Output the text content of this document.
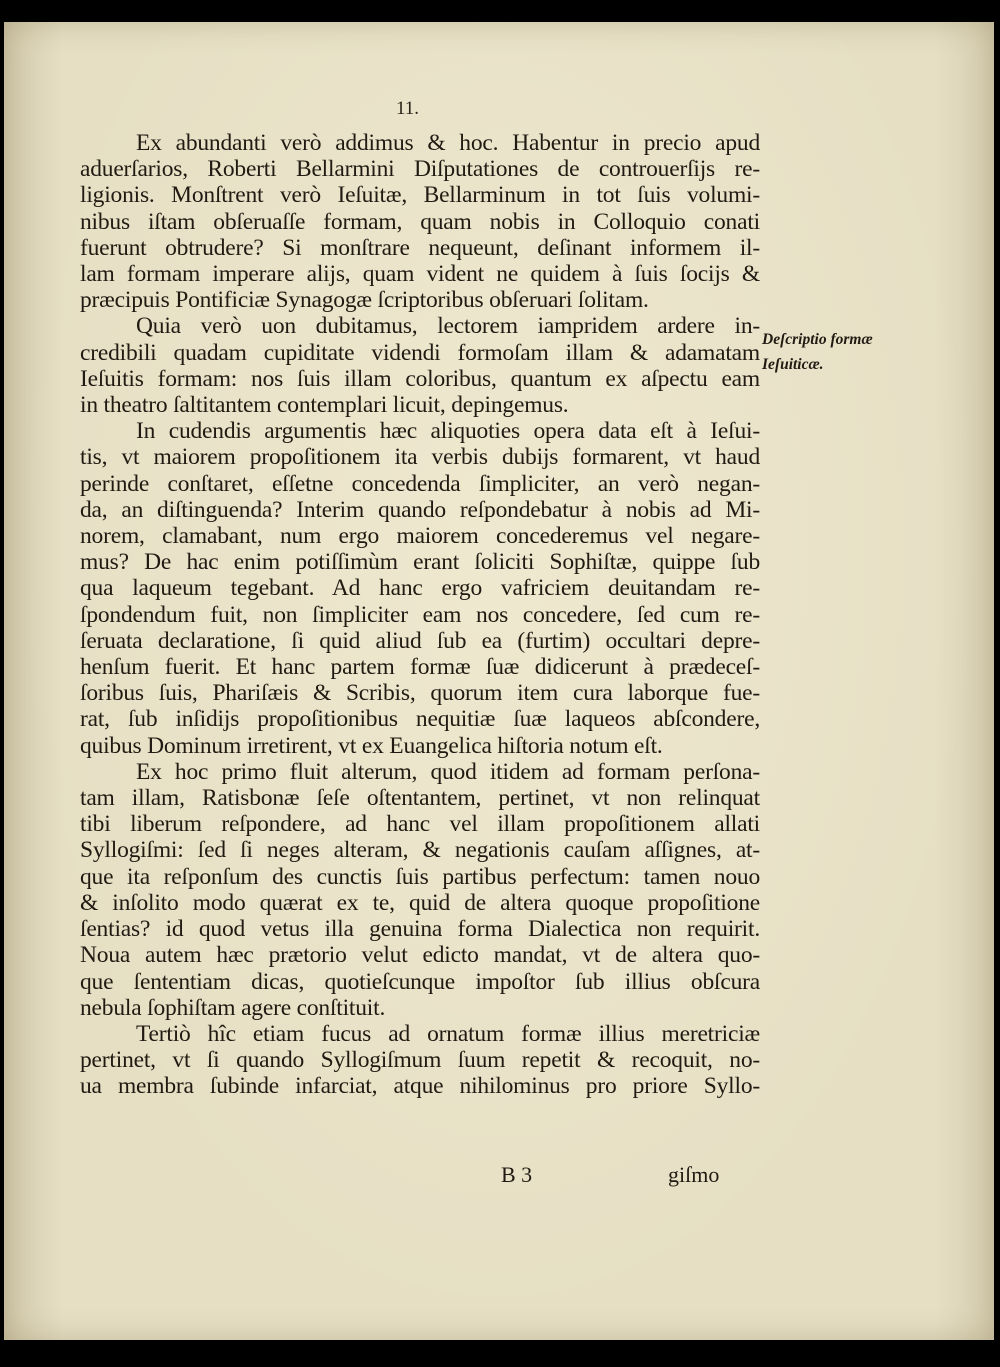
11.
Deſcriptio formæ
Ieſuiticæ.
Ex abundanti verò addimus & hoc. Habentur in precio apud
aduerſarios, Roberti Bellarmini Diſputationes de controuerſijs re-
ligionis. Monſtrent verò Ieſuitæ, Bellarminum in tot ſuis volumi-
nibus iſtam obſeruaſſe formam, quam nobis in Colloquio conati
fuerunt obtrudere? Si monſtrare nequeunt, deſinant informem il-
lam formam imperare alijs, quam vident ne quidem à ſuis ſocijs &
præcipuis Pontificiæ Synagogæ ſcriptoribus obſeruari ſolitam.
Quia verò uon dubitamus, lectorem iampridem ardere in-
credibili quadam cupiditate videndi formoſam illam & adamatam
Ieſuitis formam: nos ſuis illam coloribus, quantum ex aſpectu eam
in theatro ſaltitantem contemplari licuit, depingemus.
In cudendis argumentis hæc aliquoties opera data eſt à Ieſui-
tis, vt maiorem propoſitionem ita verbis dubijs formarent, vt haud
perinde conſtaret, eſſetne concedenda ſimpliciter, an verò negan-
da, an diſtinguenda? Interim quando reſpondebatur à nobis ad Mi-
norem, clamabant, num ergo maiorem concederemus vel negare-
mus? De hac enim potiſſimùm erant ſoliciti Sophiſtæ, quippe ſub
qua laqueum tegebant. Ad hanc ergo vafriciem deuitandam re-
ſpondendum fuit, non ſimpliciter eam nos concedere, ſed cum re-
ſeruata declaratione, ſi quid aliud ſub ea (furtim) occultari depre-
henſum fuerit. Et hanc partem formæ ſuæ didicerunt à prædeceſ-
ſoribus ſuis, Phariſæis & Scribis, quorum item cura laborque fue-
rat, ſub inſidijs propoſitionibus nequitiæ ſuæ laqueos abſcondere,
quibus Dominum irretirent, vt ex Euangelica hiſtoria notum eſt.
Ex hoc primo fluit alterum, quod itidem ad formam perſona-
tam illam, Ratisbonæ ſeſe oſtentantem, pertinet, vt non relinquat
tibi liberum reſpondere, ad hanc vel illam propoſitionem allati
Syllogiſmi: ſed ſi neges alteram, & negationis cauſam aſſignes, at-
que ita reſponſum des cunctis ſuis partibus perfectum: tamen nouo
& inſolito modo quærat ex te, quid de altera quoque propoſitione
ſentias? id quod vetus illa genuina forma Dialectica non requirit.
Noua autem hæc prætorio velut edicto mandat, vt de altera quo-
que ſententiam dicas, quotieſcunque impoſtor ſub illius obſcura
nebula ſophiſtam agere conſtituit.
Tertiò hîc etiam fucus ad ornatum formæ illius meretriciæ
pertinet, vt ſi quando Syllogiſmum ſuum repetit & recoquit, no-
ua membra ſubinde infarciat, atque nihilominus pro priore Syllo-
B 3	giſmo
